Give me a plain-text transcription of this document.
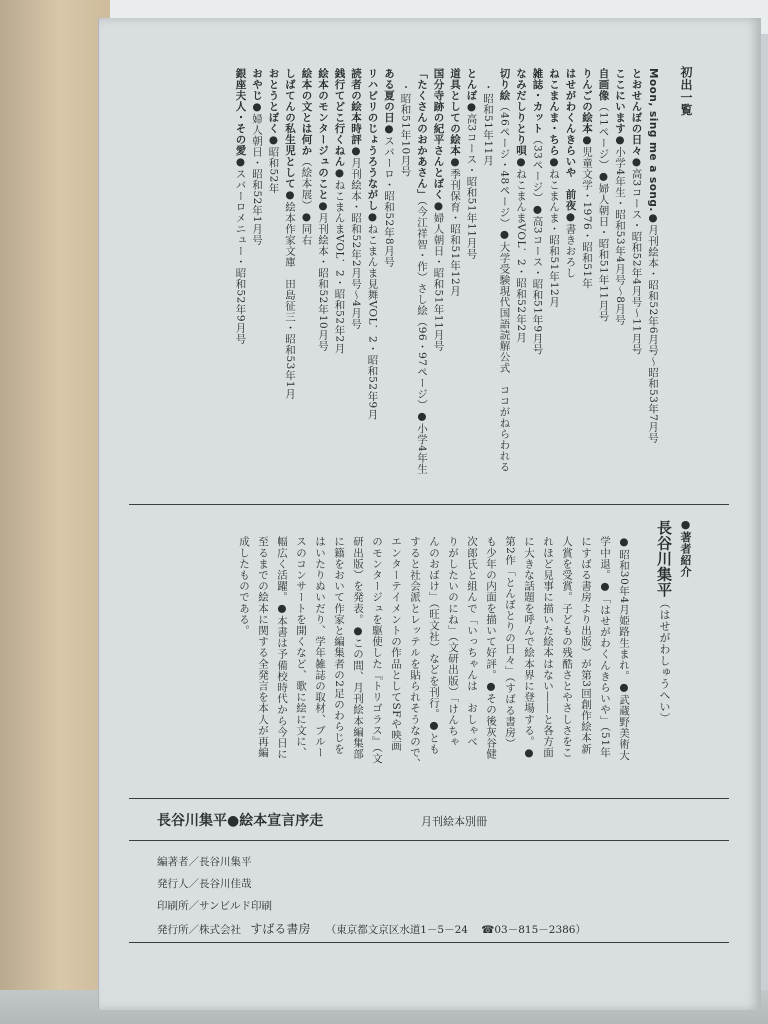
初出一覧
Moon, sing me a song.●月刊絵本・昭和52年6月号〜昭和53年7月号
とおせんぼの日々●高3コース・昭和52年4月号〜11月号
ここにいます●小学4年生・昭和53年4月号〜8月号
自画像（11ページ）●婦人朝日・昭和51年11月号
りんごの絵本●児童文学・1976・昭和51年
はせがわくんきらいや　前夜●書きおろし
ねこまんま・ちら●ねこまんま・昭和51年12月
雑誌・カット（33ページ）●高3コース・昭和51年9月号
なみだしりとり唄●ねこまんまVOL．2・昭和52年2月
切り絵（46ページ・48ページ）●大学受験現代国語読解公式　ココがねらわれる
・昭和51年11月
とんぼ●高3コース・昭和51年11月号
道具としての絵本●季刊保育・昭和51年12月
国分寺跡の紀平さんとぼく●婦人朝日・昭和51年11月号
「たくさんのおかあさん」（今江祥智・作）さし絵（96・97ページ）●小学4年生
・昭和51年10月号
ある夏の日●スバーロ・昭和52年8月号
リハビリのじょうろうながし●ねこまんま見舞VOL．2・昭和52年9月
読者の絵本時評●月刊絵本・昭和52年2月号〜4月号
銭行てどこ行くねん●ねこまんまVOL．2・昭和52年2月
絵本のモンタージュのこと●月刊絵本・昭和52年10月号
絵本の文とは何か（絵本展）●同右
しばてんの私生児として●絵本作家文庫　田島征三・昭和53年1月
おとうとぼく●昭和52年
おやじ●婦人朝日・昭和52年1月号
銀座夫人・その愛●スバーロメニュー・昭和52年9月号
●著者紹介
長谷川集平（はせがわしゅうへい）
●昭和30年4月姫路生まれ。●武蔵野美術大
学中退。●「はせがわくんきらいや」（51年
にすばる書房より出版）が第3回創作絵本新
人賞を受賞。子どもの残酷さとやさしさをこ
れほど見事に描いた絵本はない――と各方面
に大きな話題を呼んで絵本界に登場する。●
第2作「とんぼとりの日々」（すばる書房）
も少年の内面を描いて好評。●その後灰谷健
次郎氏と組んで「いっちゃんは　おしゃべ
りがしたいのにね」（文研出版）「けんちゃ
んのおばけ」（旺文社）などを刊行。●とも
すると社会派とレッテルを貼られそうなので、
エンターテイメントの作品としてSFや映画
のモンタージュを駆使した『トリゴラス』（文
研出版）を発表。●この間、月刊絵本編集部
に籍をおいて作家と編集者の2足のわらじを
はいたりぬいだり、学年雑誌の取材、ブルー
スのコンサートを開くなど、歌に絵に文に、
幅広く活躍。●本書は予備校時代から今日に
至るまでの絵本に関する全発言を本人が再編
成したものである。
長谷川集平●絵本宣言序走	月刊絵本別冊
編著者／長谷川集平
発行人／長谷川佳哉
印刷所／サンビルド印刷
発行所／株式会社 すばる書房 （東京都文京区水道1－5－24 ☎03－815－2386）
